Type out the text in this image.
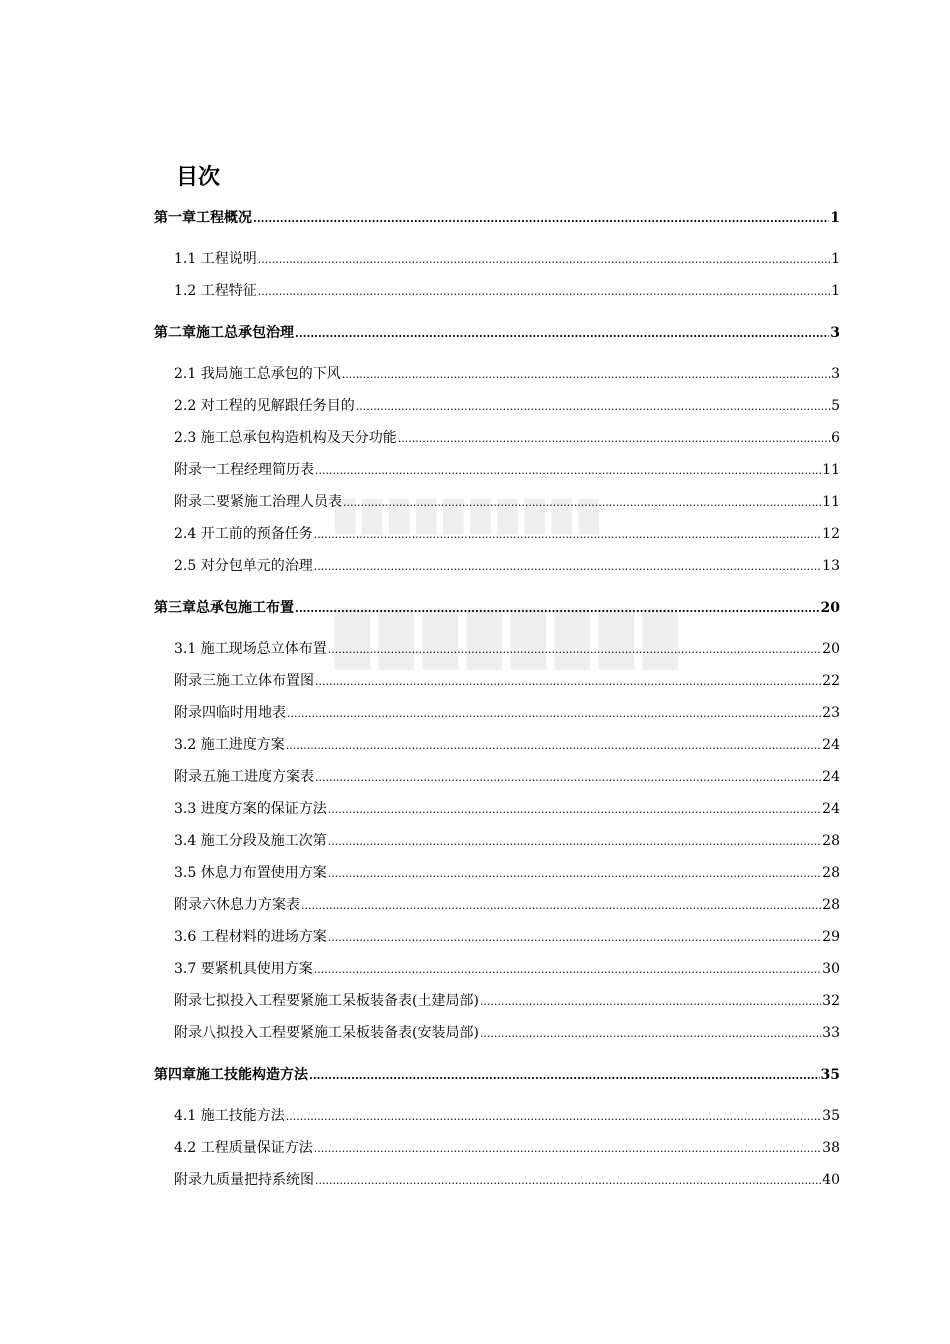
目次
▉▉▉▉▉▉▉▉▉▉
▉▉▉▉▉▉▉▉
第一章工程概况 .....	1
1.1 工程说明 .....	1
1.2 工程特征 .....	1
第二章施工总承包治理 .....	3
2.1 我局施工总承包的下风 .....	3
2.2 对工程的见解跟任务目的 .....	5
2.3 施工总承包构造机构及天分功能 .....	6
附录一工程经理简历表 .....	11
附录二要紧施工治理人员表 .....	11
2.4 开工前的预备任务 .....	12
2.5 对分包单元的治理 .....	13
第三章总承包施工布置 .....	20
3.1 施工现场总立体布置 .....	20
附录三施工立体布置图 .....	22
附录四临时用地表 .....	23
3.2 施工进度方案 .....	24
附录五施工进度方案表 .....	24
3.3 进度方案的保证方法 .....	24
3.4 施工分段及施工次第 .....	28
3.5 休息力布置使用方案 .....	28
附录六休息力方案表 .....	28
3.6 工程材料的进场方案 .....	29
3.7 要紧机具使用方案 .....	30
附录七拟投入工程要紧施工呆板装备表(土建局部) .....	32
附录八拟投入工程要紧施工呆板装备表(安装局部) .....	33
第四章施工技能构造方法 .....	35
4.1 施工技能方法 .....	35
4.2 工程质量保证方法 .....	38
附录九质量把持系统图 .....	40
